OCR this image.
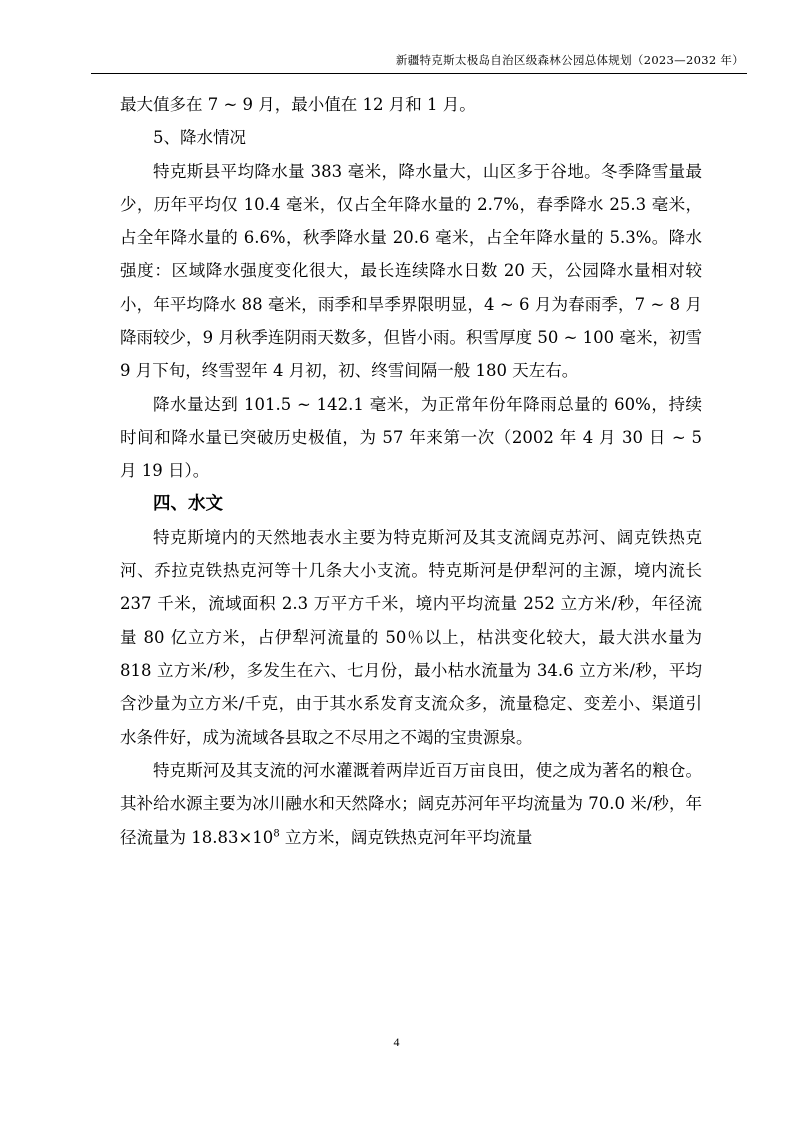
新疆特克斯太极岛自治区级森林公园总体规划（2023—2032 年）

最大值多在 7 ~ 9 月，最小值在 12 月和 1 月。

5、降水情况

特克斯县平均降水量 383 毫米，降水量大，山区多于谷地。冬季降雪量最少，历年平均仅 10.4 毫米，仅占全年降水量的 2.7%，春季降水 25.3 毫米，占全年降水量的 6.6%，秋季降水量 20.6 毫米，占全年降水量的 5.3%。降水强度：区域降水强度变化很大，最长连续降水日数 20 天，公园降水量相对较小，年平均降水 88 毫米，雨季和旱季界限明显，4 ~ 6 月为春雨季，7 ~ 8 月降雨较少，9 月秋季连阴雨天数多，但皆小雨。积雪厚度 50 ~ 100 毫米，初雪 9 月下旬，终雪翌年 4 月初，初、终雪间隔一般 180 天左右。

降水量达到 101.5 ~ 142.1 毫米，为正常年份年降雨总量的 60%，持续时间和降水量已突破历史极值，为 57 年来第一次（2002 年 4 月 30 日 ~ 5 月 19 日）。

四、水文

特克斯境内的天然地表水主要为特克斯河及其支流阔克苏河、阔克铁热克河、乔拉克铁热克河等十几条大小支流。特克斯河是伊犁河的主源，境内流长 237 千米，流域面积 2.3 万平方千米，境内平均流量 252 立方米/秒，年径流量 80 亿立方米，占伊犁河流量的 50％以上，枯洪变化较大，最大洪水量为 818 立方米/秒，多发生在六、七月份，最小枯水流量为 34.6 立方米/秒，平均含沙量为立方米/千克，由于其水系发育支流众多，流量稳定、变差小、渠道引水条件好，成为流域各县取之不尽用之不竭的宝贵源泉。

特克斯河及其支流的河水灌溉着两岸近百万亩良田，使之成为著名的粮仓。其补给水源主要为冰川融水和天然降水；阔克苏河年平均流量为 70.0 米/秒，年径流量为 $18.83\times 10^8$ 立方米，阔克铁热克河年平均流量

4
